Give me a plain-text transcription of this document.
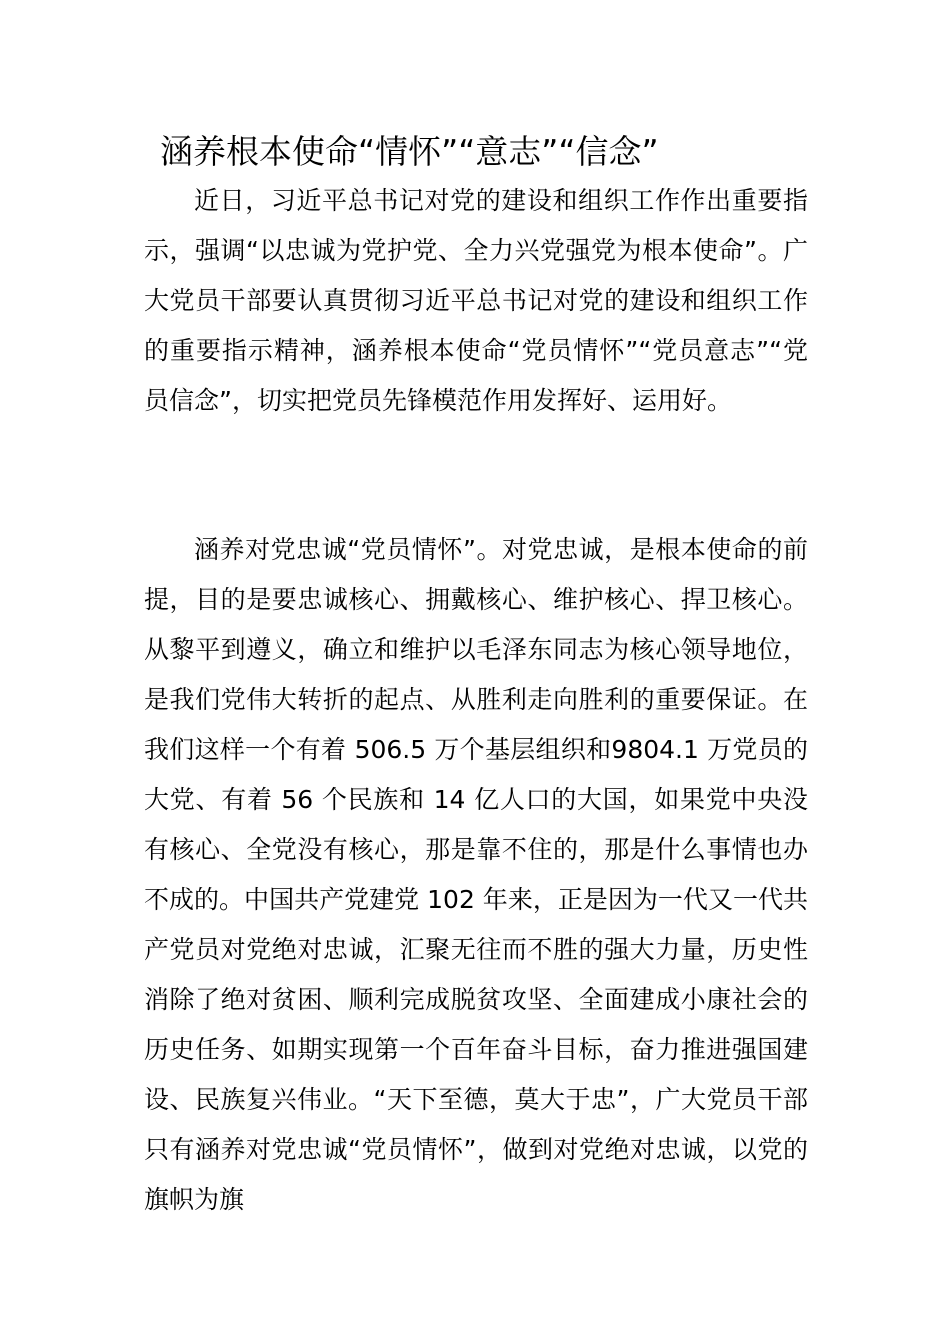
涵养根本使命“情怀”“意志”“信念”

近日，习近平总书记对党的建设和组织工作作出重要指示，强调“以忠诚为党护党、全力兴党强党为根本使命”。广大党员干部要认真贯彻习近平总书记对党的建设和组织工作的重要指示精神，涵养根本使命“党员情怀”“党员意志”“党员信念”，切实把党员先锋模范作用发挥好、运用好。

涵养对党忠诚“党员情怀”。对党忠诚，是根本使命的前提，目的是要忠诚核心、拥戴核心、维护核心、捍卫核心。从黎平到遵义，确立和维护以毛泽东同志为核心领导地位，是我们党伟大转折的起点、从胜利走向胜利的重要保证。在我们这样一个有着 506.5 万个基层组织和9804.1 万党员的大党、有着 56 个民族和 14 亿人口的大国，如果党中央没有核心、全党没有核心，那是靠不住的，那是什么事情也办不成的。中国共产党建党 102 年来，正是因为一代又一代共产党员对党绝对忠诚，汇聚无往而不胜的强大力量，历史性消除了绝对贫困、顺利完成脱贫攻坚、全面建成小康社会的历史任务、如期实现第一个百年奋斗目标，奋力推进强国建设、民族复兴伟业。“天下至德，莫大于忠”，广大党员干部只有涵养对党忠诚“党员情怀”，做到对党绝对忠诚，以党的旗帜为旗
